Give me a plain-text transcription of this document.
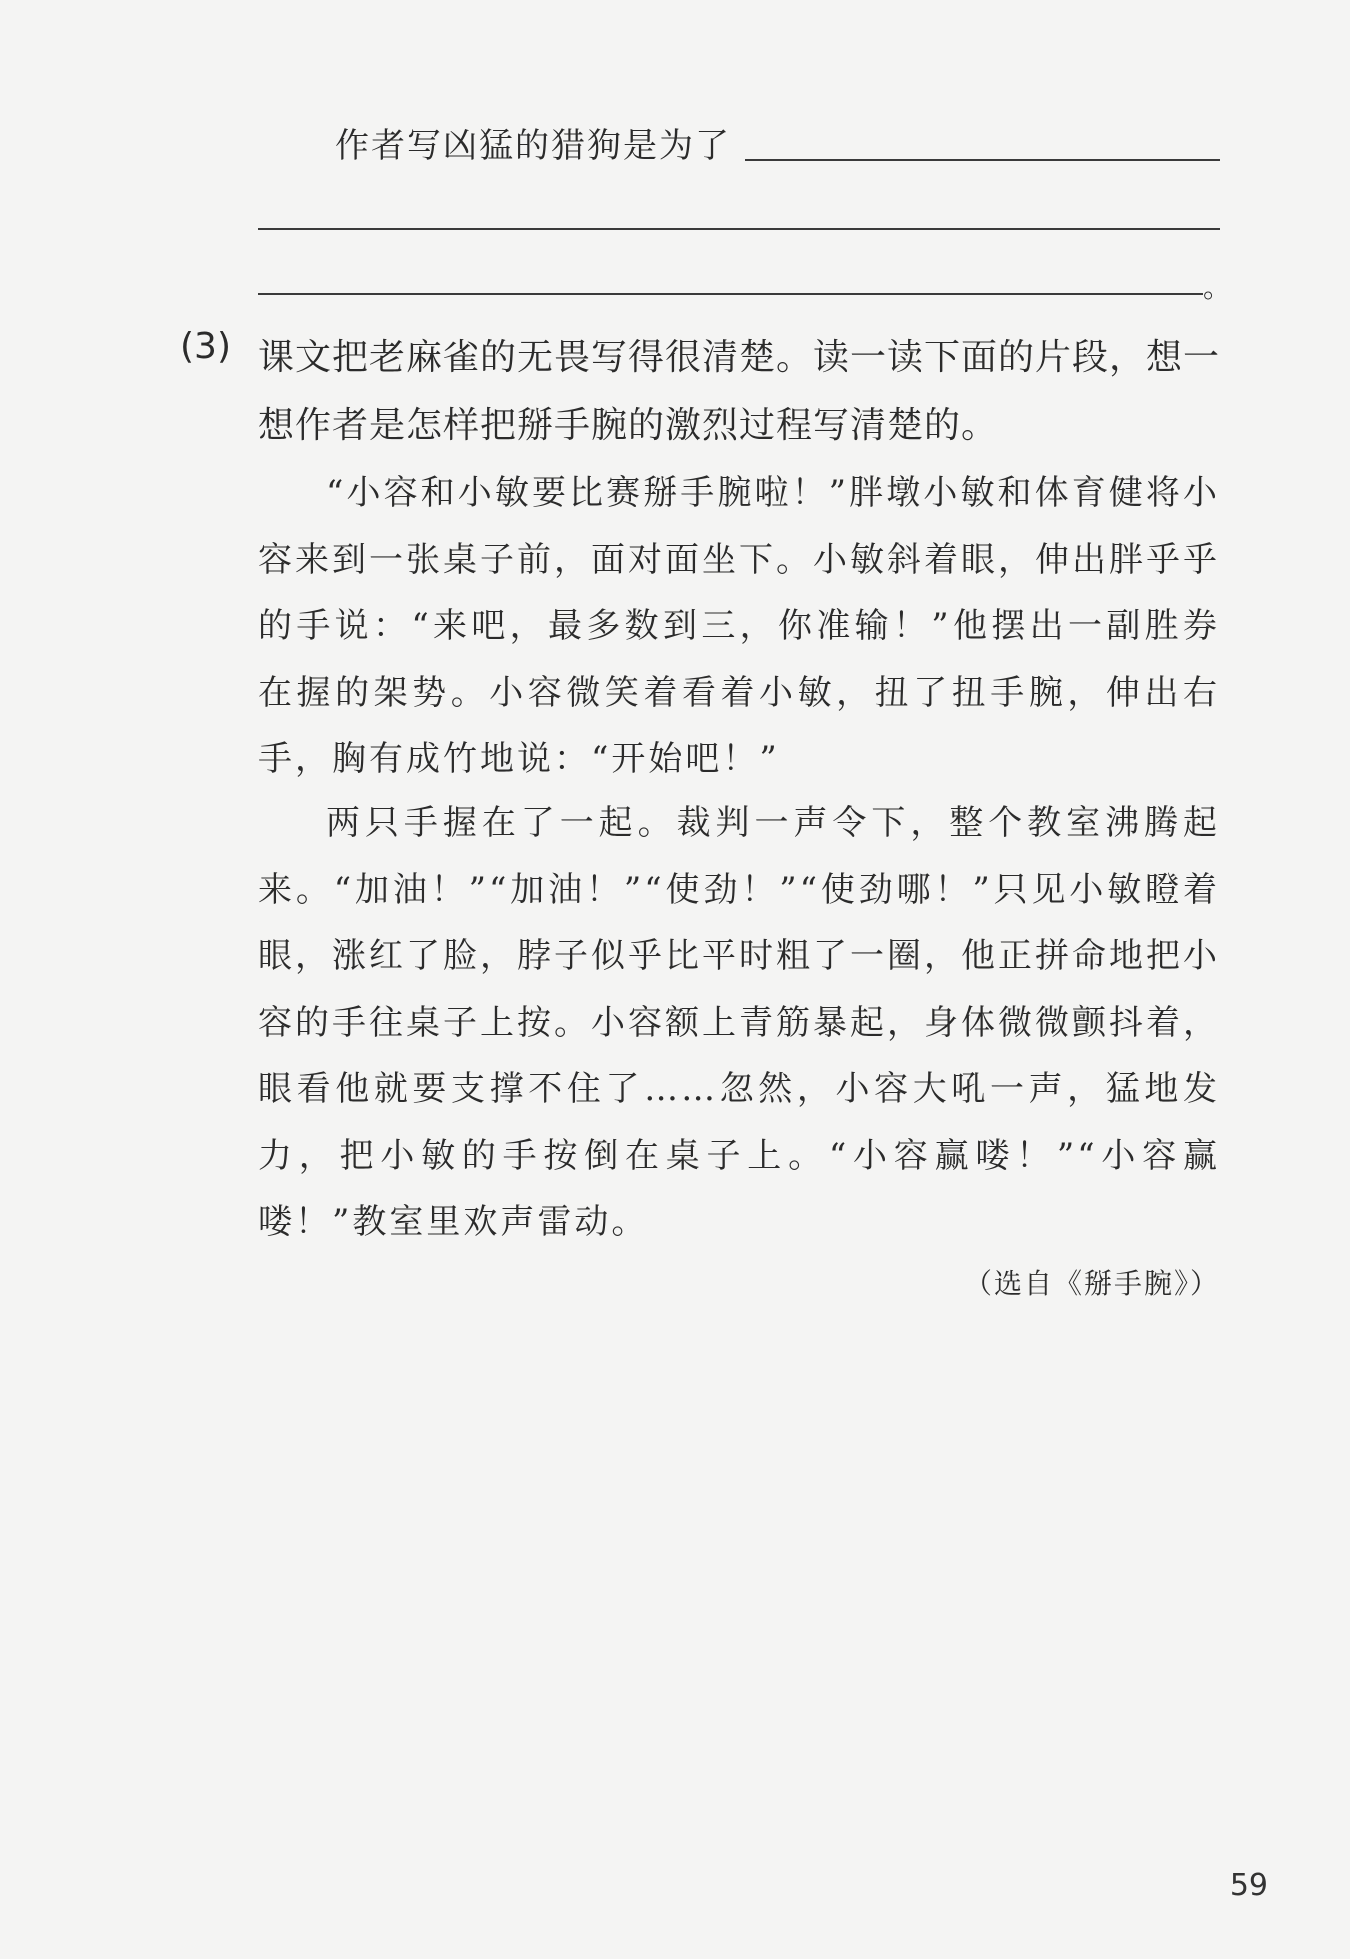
作者写凶猛的猎狗是为了
。
(3) 课文把老麻雀的无畏写得很清楚。读一读下面的片段，想一想作者是怎样把掰手腕的激烈过程写清楚的。

“小容和小敏要比赛掰手腕啦！”胖墩小敏和体育健将小容来到一张桌子前，面对面坐下。小敏斜着眼，伸出胖乎乎的手说：“来吧，最多数到三，你准输！”他摆出一副胜券在握的架势。小容微笑着看着小敏，扭了扭手腕，伸出右手，胸有成竹地说：“开始吧！”

两只手握在了一起。裁判一声令下，整个教室沸腾起来。“加油！”“加油！”“使劲！”“使劲哪！”只见小敏瞪着眼，涨红了脸，脖子似乎比平时粗了一圈，他正拼命地把小容的手往桌子上按。小容额上青筋暴起，身体微微颤抖着，眼看他就要支撑不住了……忽然，小容大吼一声，猛地发力，把小敏的手按倒在桌子上。“小容赢喽！”“小容赢喽！”教室里欢声雷动。

（选自《掰手腕》）
59
